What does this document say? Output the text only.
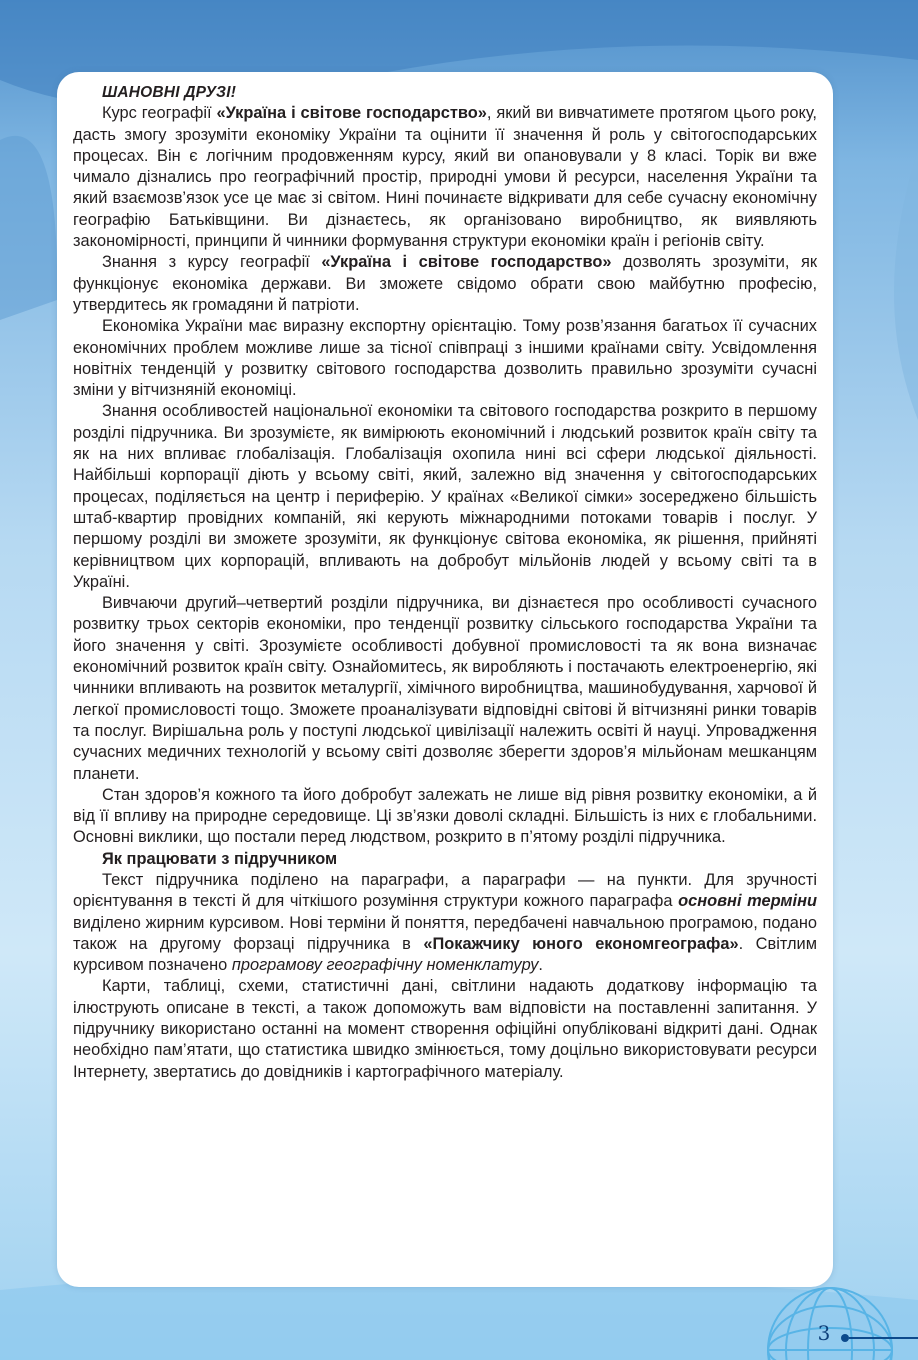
ШАНОВНІ ДРУЗІ!

Курс географії «Україна і світове господарство», який ви вивчатимете протягом цього року, дасть змогу зрозуміти економіку України та оцінити її значення й роль у світогосподарських процесах. Він є логічним продовженням курсу, який ви опановували у 8 класі. Торік ви вже чимало дізнались про географічний простір, природні умови й ресурси, населення України та який взаємозв’язок усе це має зі світом. Нині починаєте відкривати для себе сучасну економічну географію Батьківщини. Ви дізнаєтесь, як організовано виробництво, як виявляють закономірності, принципи й чинники формування структури економіки країн і регіонів світу.

Знання з курсу географії «Україна і світове господарство» дозволять зрозуміти, як функціонує економіка держави. Ви зможете свідомо обрати свою майбутню професію, утвердитесь як громадяни й патріоти.

Економіка України має виразну експортну орієнтацію. Тому розв’язання багатьох її сучасних економічних проблем можливе лише за тісної співпраці з іншими країнами світу. Усвідомлення новітніх тенденцій у розвитку світового господарства дозволить правильно зрозуміти сучасні зміни у вітчизняній економіці.

Знання особливостей національної економіки та світового господарства розкрито в першому розділі підручника. Ви зрозумієте, як вимірюють економічний і людський розвиток країн світу та як на них впливає глобалізація. Глобалізація охопила нині всі сфери людської діяльності. Найбільші корпорації діють у всьому світі, який, залежно від значення у світогосподарських процесах, поділяється на центр і периферію. У країнах «Великої сімки» зосереджено більшість штаб-квартир провідних компаній, які керують міжнародними потоками товарів і послуг. У першому розділі ви зможете зрозуміти, як функціонує світова економіка, як рішення, прийняті керівництвом цих корпорацій, впливають на добробут мільйонів людей у всьому світі та в Україні.

Вивчаючи другий–четвертий розділи підручника, ви дізнаєтеся про особливості сучасного розвитку трьох секторів економіки, про тенденції розвитку сільського господарства України та його значення у світі. Зрозумієте особливості добувної промисловості та як вона визначає економічний розвиток країн світу. Ознайомитесь, як виробляють і постачають електроенергію, які чинники впливають на розвиток металургії, хімічного виробництва, машинобудування, харчової й легкої промисловості тощо. Зможете проаналізувати відповідні світові й вітчизняні ринки товарів та послуг. Вирішальна роль у поступі людської цивілізації належить освіті й науці. Упровадження сучасних медичних технологій у всьому світі дозволяє зберегти здоров’я мільйонам мешканцям планети.

Стан здоров’я кожного та його добробут залежать не лише від рівня розвитку економіки, а й від її впливу на природне середовище. Ці зв’язки доволі складні. Більшість із них є глобальними. Основні виклики, що постали перед людством, розкрито в п’ятому розділі підручника.

Як працювати з підручником

Текст підручника поділено на параграфи, а параграфи — на пункти. Для зручності орієнтування в тексті й для чіткішого розуміння структури кожного параграфа основні терміни виділено жирним курсивом. Нові терміни й поняття, передбачені навчальною програмою, подано також на другому форзаці підручника в «Покажчику юного економгеографа». Світлим курсивом позначено програмову географічну номенклатуру.

Карти, таблиці, схеми, статистичні дані, світлини надають додаткову інформацію та ілюструють описане в тексті, а також допоможуть вам відповісти на поставленні запитання. У підручнику використано останні на момент створення офіційні опубліковані відкриті дані. Однак необхідно пам’ятати, що статистика швидко змінюється, тому доцільно використовувати ресурси Інтернету, звертатись до довідників і картографічного матеріалу.

3
